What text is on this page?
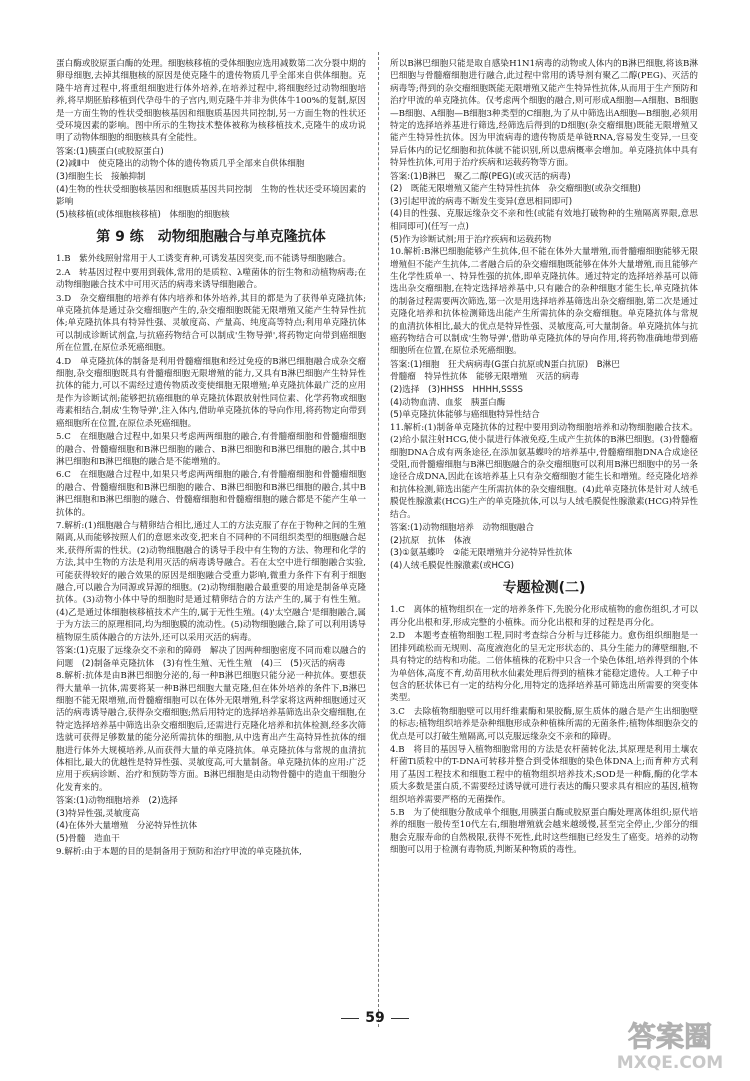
蛋白酶或胶原蛋白酶的处理。细胞核移植的受体细胞应选用减数第二次分裂中期的卵母细胞,去掉其细胞核的原因是使克隆牛的遗传物质几乎全部来自供体细胞。克隆牛培育过程中,将重组细胞进行体外培养,在培养过程中,将细胞经过动物细胞培养,将早期胚胎移植到代孕母牛的子宫内,则克隆牛并非为供体牛100%的复制,原因是一方面生物的性状受细胞核基因和细胞质基因共同控制,另一方面生物的性状还受环境因素的影响。图中所示的生物技术整体被称为核移植技术,克隆牛的成功说明了动物体细胞的细胞核具有全能性。

答案:(1)胰蛋白(或胶原蛋白)

(2)减Ⅱ中　使克隆出的动物个体的遗传物质几乎全部来自供体细胞

(3)细胞生长　接触抑制

(4)生物的性状受细胞核基因和细胞质基因共同控制　生物的性状还受环境因素的影响

(5)核移植(或体细胞核移植)　体细胞的细胞核

第 9 练　动物细胞融合与单克隆抗体

1.B　紫外线照射常用于人工诱变育种,可诱发基因突变,而不能诱导细胞融合。

2.A　转基因过程中要用到载体,常用的是质粒、λ噬菌体的衍生物和动植物病毒;在动物细胞融合技术中可用灭活的病毒来诱导细胞融合。

3.D　杂交瘤细胞的培养有体内培养和体外培养,其目的都是为了获得单克隆抗体;单克隆抗体是通过杂交瘤细胞产生的,杂交瘤细胞既能无限增殖又能产生特异性抗体;单克隆抗体具有特异性强、灵敏度高、产量高、纯度高等特点;利用单克隆抗体可以制成诊断试剂盒,与抗癌药物结合可以制成'生物导弹',将药物定向带到癌细胞所在位置,在原位杀死癌细胞。

4.D　单克隆抗体的制备是利用骨髓瘤细胞和经过免疫的B淋巴细胞融合成杂交瘤细胞,杂交瘤细胞既具有骨髓瘤细胞无限增殖的能力,又具有B淋巴细胞产生特异性抗体的能力,可以不需经过遗传物质改变使细胞无限增殖;单克隆抗体最广泛的应用是作为诊断试剂;能够把抗癌细胞的单克隆抗体跟放射性同位素、化学药物或细胞毒素相结合,制成'生物导弹',注入体内,借助单克隆抗体的导向作用,将药物定向带到癌细胞所在位置,在原位杀死癌细胞。

5.C　在细胞融合过程中,如果只考虑两两细胞的融合,有骨髓瘤细胞和骨髓瘤细胞的融合、骨髓瘤细胞和B淋巴细胞的融合、B淋巴细胞和B淋巴细胞的融合,其中B淋巴细胞和B淋巴细胞的融合是不能增殖的。

6.C　在细胞融合过程中,如果只考虑两两细胞的融合,有骨髓瘤细胞和骨髓瘤细胞的融合、骨髓瘤细胞和B淋巴细胞的融合、B淋巴细胞和B淋巴细胞的融合,其中B淋巴细胞和B淋巴细胞的融合、骨髓瘤细胞和骨髓瘤细胞的融合都是不能产生单一抗体的。

7.解析:(1)细胞融合与精卵结合相比,通过人工的方法克服了存在于物种之间的生殖隔离,从而能够按照人们的意愿来改变,把来自不同种的不同组织类型的细胞融合起来,获得所需的性状。(2)动物细胞融合的诱导手段中有生物的方法、物理和化学的方法,其中生物的方法是利用灭活的病毒诱导融合。若在太空中进行细胞融合实验,可能获得较好的融合效果的原因是细胞融合受重力影响,微重力条件下有利于细胞融合,可以融合为同源或异源的细胞。(2)动物细胞融合最重要的用途是制备单克隆抗体。(3)动物小体中导的细胞时是通过精卵结合的方法产生的,属于有性生殖。(4)乙是通过体细胞核移植技术产生的,属于无性生殖。(4)'太空融合'是细胞融合,属于为方法三的原理相同,均为细胞膜的流动性。(5)动物细胞融合,除了可以利用诱导植物原生质体融合的方法外,还可以采用灭活的病毒。

答案:(1)克服了远缘杂交不亲和的障碍　解决了因两种细胞密度不同而难以融合的问题　(2)制备单克隆抗体　(3)有性生殖、无性生殖　(4)三　(5)灭活的病毒

8.解析:抗体是由B淋巴细胞分泌的,每一种B淋巴细胞只能分泌一种抗体。要想获得大量单一抗体,需要将某一种B淋巴细胞大量克隆,但在体外培养的条件下,B淋巴细胞不能无限增殖,而骨髓瘤细胞可以在体外无限增殖,科学家将这两种细胞通过灭活的病毒诱导融合,获得杂交瘤细胞;然后用特定的选择培养基筛选出杂交瘤细胞,在特定选择培养基中筛选出杂交瘤细胞后,还需进行克隆化培养和抗体检测,经多次筛选就可获得足够数量的能分泌所需抗体的细胞,从中选育出产生高特异性抗体的细胞进行体外大规模培养,从而获得大量的单克隆抗体。单克隆抗体与常规的血清抗体相比,最大的优越性是特异性强、灵敏度高,可大量制备。单克隆抗体的应用:广泛应用于疾病诊断、治疗和预防等方面。B淋巴细胞是由动物骨髓中的造血干细胞分化发育来的。

答案:(1)动物细胞培养　(2)选择

(3)特异性强,灵敏度高

(4)在体外大量增殖　分泌特异性抗体

(5)骨髓　造血干

9.解析:由于本题的目的是制备用于预防和治疗甲流的单克隆抗体,

所以B淋巴细胞只能是取自感染H1N1病毒的动物或人体内的B淋巴细胞,将该B淋巴细胞与骨髓瘤细胞进行融合,此过程中常用的诱导剂有聚乙二醇(PEG)、灭活的病毒等;得到的杂交瘤细胞既能无限增殖又能产生特异性抗体,从而用于生产预防和治疗甲流的单克隆抗体。仅考虑两个细胞的融合,则可形成A细胞—A细胞、B细胞—B细胞、A细胞—B细胞3种类型的C细胞,为了从中筛选出A细胞—B细胞,必须用特定的选择培养基进行筛选,经筛选后得到的D细胞(杂交瘤细胞)既能无限增殖又能产生特异性抗体。因为甲流病毒的遗传物质是单链RNA,容易发生变异,一旦变异后体内的记忆细胞和抗体就不能识别,所以患病概率会增加。单克隆抗体中具有特异性抗体,可用于治疗疾病和运载药物等方面。

答案:(1)B淋巴　聚乙二醇(PEG)(或灭活的病毒)

(2)　既能无限增殖又能产生特异性抗体　杂交瘤细胞(或杂交细胞)

(3)引起甲流的病毒不断发生变异(意思相同即可)

(4)目的性强、克服远缘杂交不亲和性(或能有效地打破物种的生殖隔离界限,意思相同即可)(任写一点)

(5)作为诊断试剂;用于治疗疾病和运载药物

10.解析:B淋巴细胞能够产生抗体,但不能在体外大量增殖,而骨髓瘤细胞能够无限增殖但不能产生抗体,二者融合后的杂交瘤细胞既能够在体外大量增殖,而且能够产生化学性质单一、特异性强的抗体,即单克隆抗体。通过特定的选择培养基可以筛选出杂交瘤细胞,在特定选择培养基中,只有融合的杂种细胞才能生长,单克隆抗体的制备过程需要两次筛选,第一次是用选择培养基筛选出杂交瘤细胞,第二次是通过克隆化培养和抗体检测筛选出能产生所需抗体的杂交瘤细胞。单克隆抗体与常规的血清抗体相比,最大的优点是特异性强、灵敏度高,可大量制备。单克隆抗体与抗癌药物结合可以制成'生物导弹',借助单克隆抗体的导向作用,将药物准确地带到癌细胞所在位置,在原位杀死癌细胞。

答案:(1)细胞　狂犬病病毒(G蛋白抗原或N蛋白抗原)　B淋巴

骨髓瘤　特异性抗体　能够无限增殖　灭活的病毒

(2)选择　(3)HHSS　HHHH,SSSS

(4)动物血清、血浆　胰蛋白酶

(5)单克隆抗体能够与癌细胞特异性结合

11.解析:(1)制备单克隆抗体的过程中要用到动物细胞培养和动物细胞融合技术。(2)给小鼠注射HCG,使小鼠进行体液免疫,生成产生抗体的B淋巴细胞。(3)骨髓瘤细胞DNA合成有两条途径,在添加氨基蝶呤的培养基中,骨髓瘤细胞DNA合成途径受阻,而骨髓瘤细胞与B淋巴细胞融合的杂交瘤细胞可以利用B淋巴细胞中的另一条途径合成DNA,因此在该培养基上只有杂交瘤细胞才能生长和增殖。经克隆化培养和抗体检测,筛选出能产生所需抗体的杂交瘤细胞。(4)此单克隆抗体是针对人绒毛膜促性腺激素(HCG)生产的单克隆抗体,可以与人绒毛膜促性腺激素(HCG)特异性结合。

答案:(1)动物细胞培养　动物细胞融合

(2)抗原　抗体　体液

(3)①氨基蝶呤　②能无限增殖并分泌特异性抗体

(4)人绒毛膜促性腺激素(或HCG)

专题检测(二)

1.C　离体的植物组织在一定的培养条件下,先脱分化形成植物的愈伤组织,才可以再分化出根和芽,形成完整的小植株。而分化出根和芽的过程是再分化。

2.D　本题考查植物细胞工程,同时考查综合分析与迁移能力。愈伤组织细胞是一团排列疏松而无规则、高度液泡化的呈无定形状态的、具分生能力的薄壁细胞,不具有特定的结构和功能。二倍体植株的花粉中只含一个染色体组,培养得到的个体为单倍体,高度不育,幼苗用秋水仙素处理后得到的植株才能稳定遗传。人工种子中包含的胚状体已有一定的结构分化,用特定的选择培养基可筛选出所需要的突变体类型。

3.C　去除植物细胞壁可以用纤维素酶和果胶酶,原生质体的融合是产生出细胞壁的标志;植物组织培养是杂种细胞形成杂种植株所需的无菌条件;植物体细胞杂交的优点是可以打破生殖隔离,可以克服远缘杂交不亲和的障碍。

4.B　将目的基因导入植物细胞常用的方法是农杆菌转化法,其原理是利用土壤农杆菌Ti质粒中的T-DNA可转移并整合到受体细胞的染色体DNA上;而育种方式利用了基因工程技术和细胞工程中的植物组织培养技术;SOD是一种酶,酶的化学本质大多数是蛋白质,不需要经过诱导就可进行表达的酶只要求具有相应的基因,植物组织培养需要严格的无菌操作。

5.B　为了使细胞分散成单个细胞,用胰蛋白酶或胶原蛋白酶处理离体组织;原代培养的细胞一般传至10代左右,细胞增殖就会越来越缓慢,甚至完全停止,少部分的细胞会克服寿命的自然极限,获得不死性,此时这些细胞已经发生了癌变。培养的动物细胞可以用于检测有毒物质,判断某种物质的毒性。

59
答案圈
MXQE.COM
